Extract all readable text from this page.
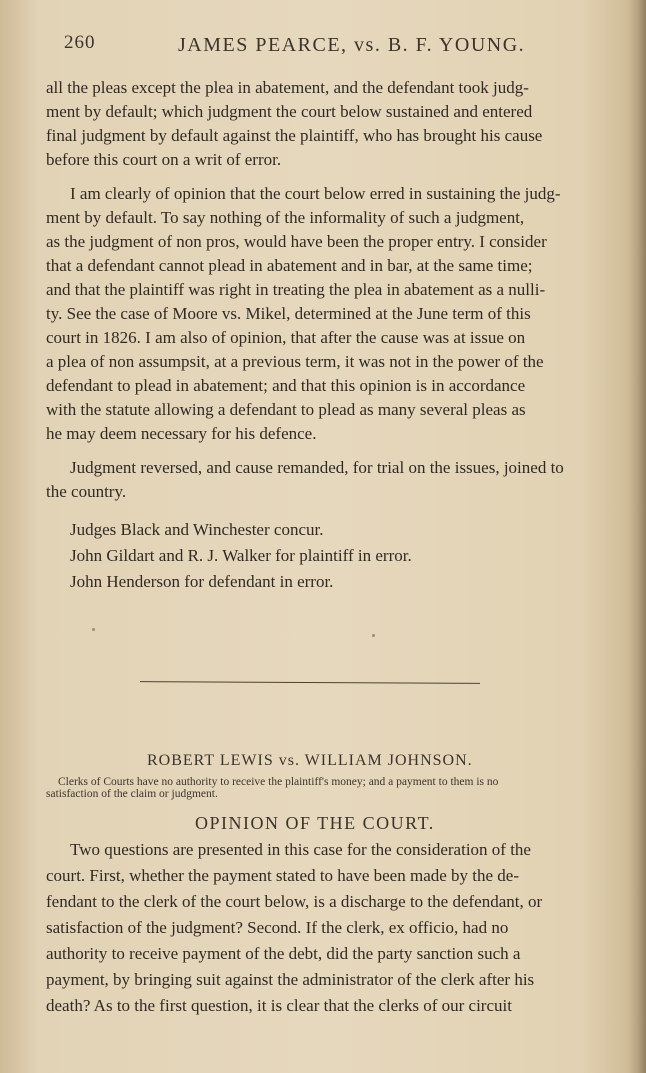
260	JAMES PEARCE, vs. B. F. YOUNG.
all the pleas except the plea in abatement, and the defendant took judg-
ment by default; which judgment the court below sustained and entered
final judgment by default against the plaintiff, who has brought his cause
before this court on a writ of error.
I am clearly of opinion that the court below erred in sustaining the judg-
ment by default. To say nothing of the informality of such a judgment,
as the judgment of non pros, would have been the proper entry. I consider
that a defendant cannot plead in abatement and in bar, at the same time;
and that the plaintiff was right in treating the plea in abatement as a nulli-
ty. See the case of Moore vs. Mikel, determined at the June term of this
court in 1826. I am also of opinion, that after the cause was at issue on
a plea of non assumpsit, at a previous term, it was not in the power of the
defendant to plead in abatement; and that this opinion is in accordance
with the statute allowing a defendant to plead as many several pleas as
he may deem necessary for his defence.
Judgment reversed, and cause remanded, for trial on the issues, joined to
the country.
Judges Black and Winchester concur.
John Gildart and R. J. Walker for plaintiff in error.
John Henderson for defendant in error.
ROBERT LEWIS vs. WILLIAM JOHNSON.
Clerks of Courts have no authority to receive the plaintiff's money; and a payment to them is no
satisfaction of the claim or judgment.
OPINION OF THE COURT.
Two questions are presented in this case for the consideration of the
court. First, whether the payment stated to have been made by the de-
fendant to the clerk of the court below, is a discharge to the defendant, or
satisfaction of the judgment? Second. If the clerk, ex officio, had no
authority to receive payment of the debt, did the party sanction such a
payment, by bringing suit against the administrator of the clerk after his
death? As to the first question, it is clear that the clerks of our circuit
